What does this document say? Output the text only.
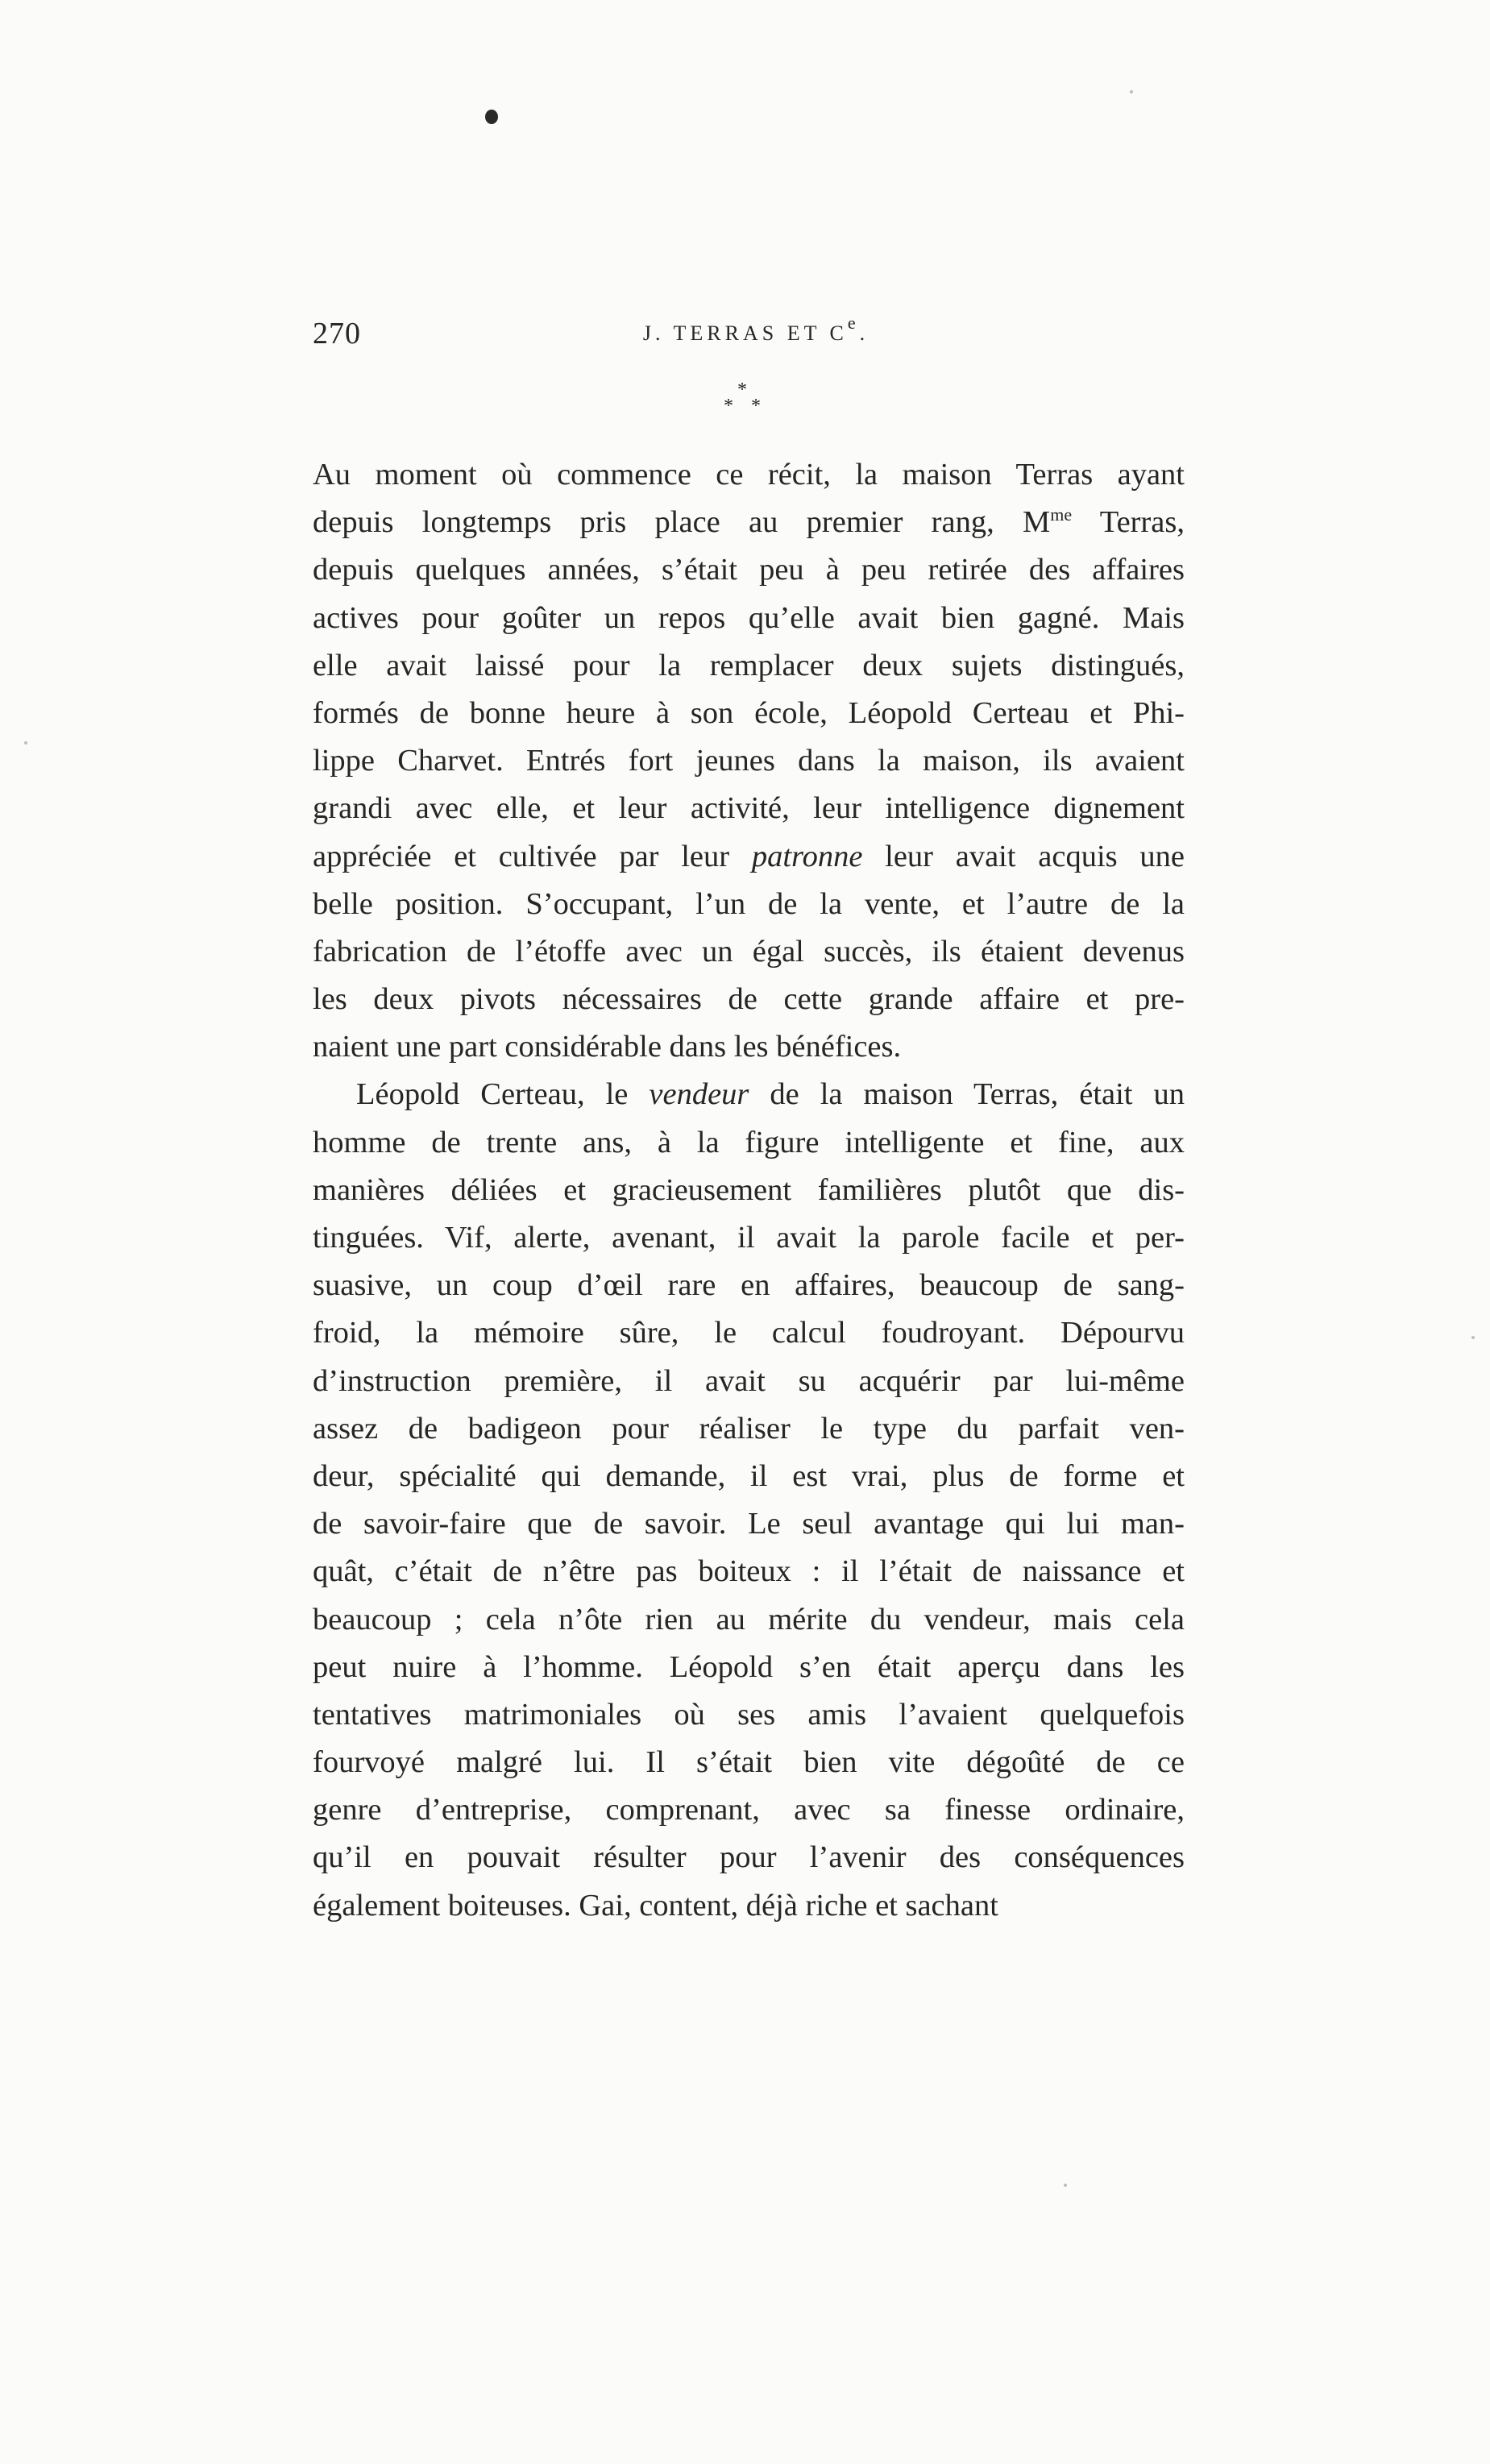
270	J. TERRAS ET Ce.
*
* *
Au moment où commence ce récit, la maison Terras ayant
depuis longtemps pris place au premier rang, $M^{me}$ Terras,
depuis quelques années, s’était peu à peu retirée des affaires
actives pour goûter un repos qu’elle avait bien gagné. Mais
elle avait laissé pour la remplacer deux sujets distingués,
formés de bonne heure à son école, Léopold Certeau et Phi-
lippe Charvet. Entrés fort jeunes dans la maison, ils avaient
grandi avec elle, et leur activité, leur intelligence dignement
appréciée et cultivée par leur patronne leur avait acquis une
belle position. S’occupant, l’un de la vente, et l’autre de la
fabrication de l’étoffe avec un égal succès, ils étaient devenus
les deux pivots nécessaires de cette grande affaire et pre-
naient une part considérable dans les bénéfices.
Léopold Certeau, le vendeur de la maison Terras, était un
homme de trente ans, à la figure intelligente et fine, aux
manières déliées et gracieusement familières plutôt que dis-
tinguées. Vif, alerte, avenant, il avait la parole facile et per-
suasive, un coup d’œil rare en affaires, beaucoup de sang-
froid, la mémoire sûre, le calcul foudroyant. Dépourvu
d’instruction première, il avait su acquérir par lui-même
assez de badigeon pour réaliser le type du parfait ven-
deur, spécialité qui demande, il est vrai, plus de forme et
de savoir-faire que de savoir. Le seul avantage qui lui man-
quât, c’était de n’être pas boiteux : il l’était de naissance et
beaucoup ; cela n’ôte rien au mérite du vendeur, mais cela
peut nuire à l’homme. Léopold s’en était aperçu dans les
tentatives matrimoniales où ses amis l’avaient quelquefois
fourvoyé malgré lui. Il s’était bien vite dégoûté de ce
genre d’entreprise, comprenant, avec sa finesse ordinaire,
qu’il en pouvait résulter pour l’avenir des conséquences
également boiteuses. Gai, content, déjà riche et sachant
